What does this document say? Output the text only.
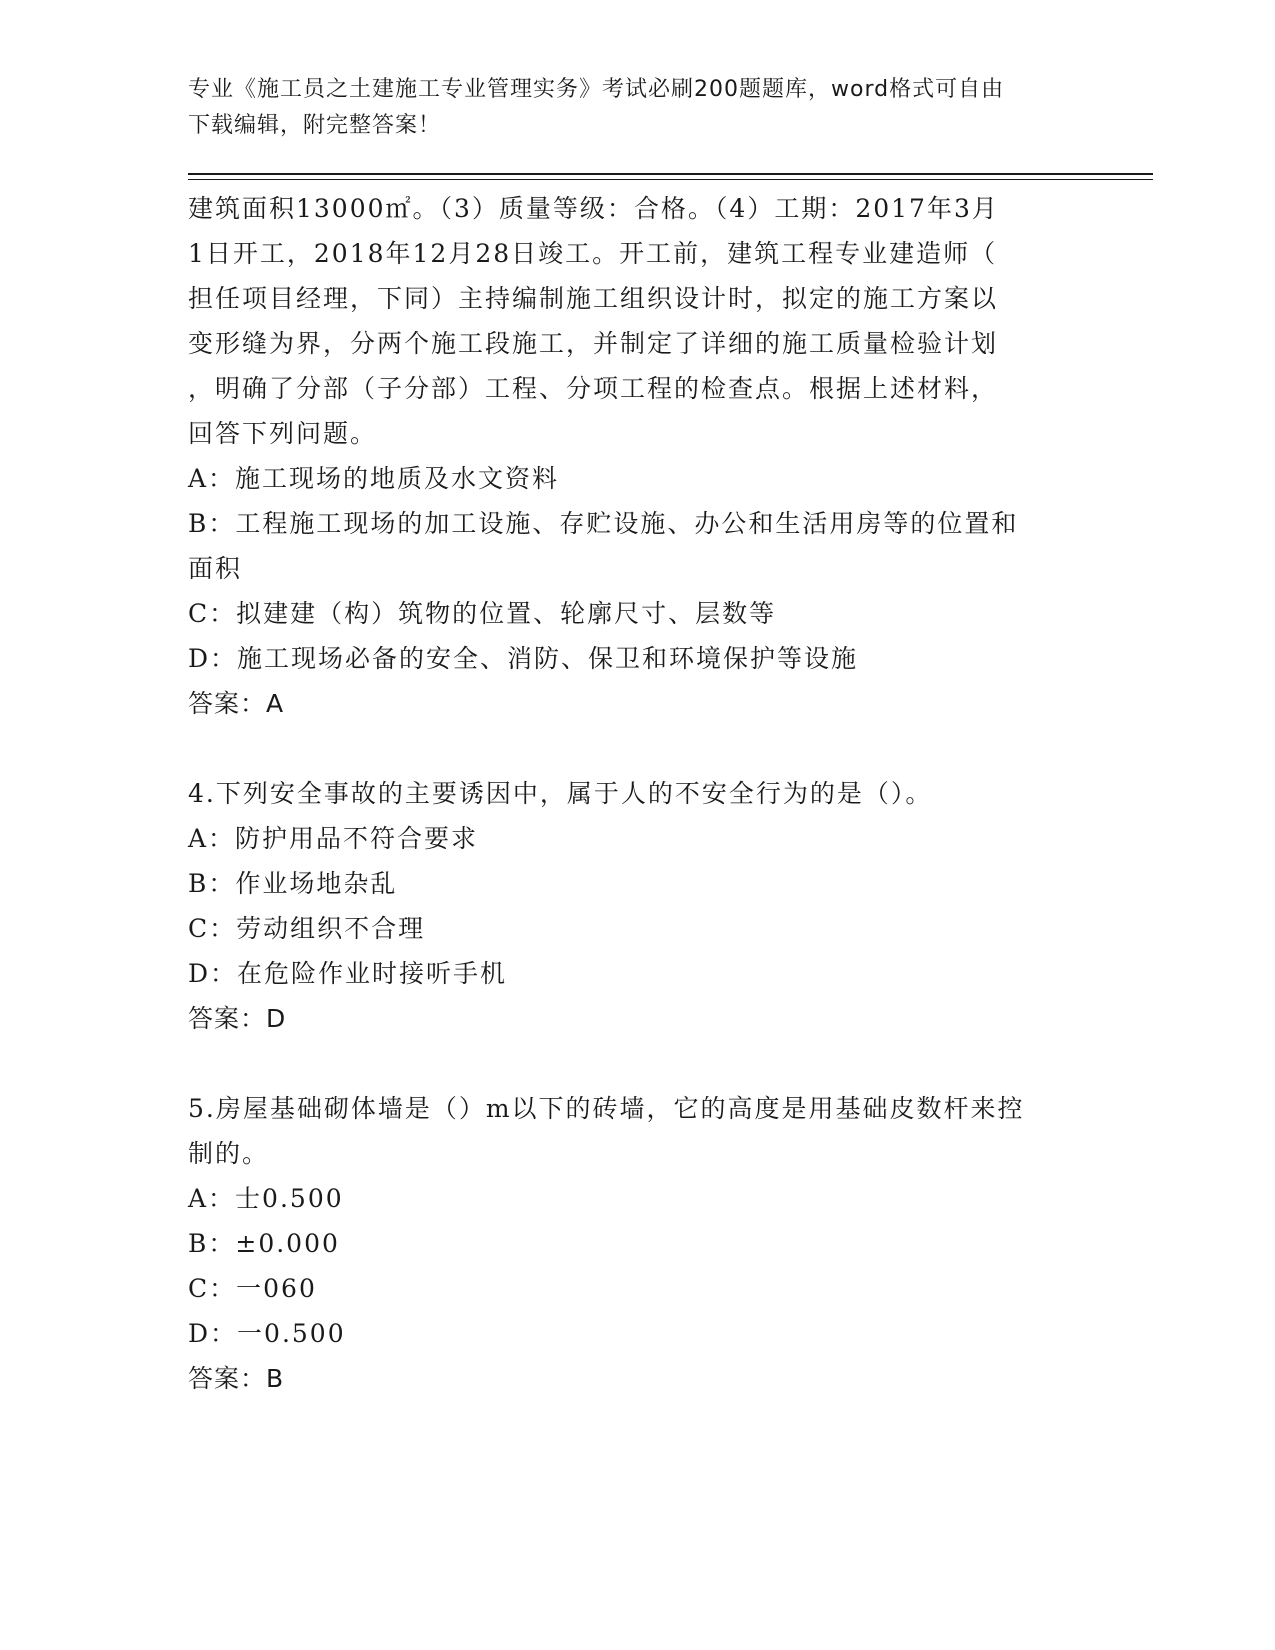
专业《施工员之土建施工专业管理实务》考试必刷200题题库，word格式可自由
下载编辑，附完整答案！
建筑面积13000㎡。（3）质量等级：合格。（4）工期：2017年3月
1日开工，2018年12月28日竣工。开工前，建筑工程专业建造师（
担任项目经理，下同）主持编制施工组织设计时，拟定的施工方案以
变形缝为界，分两个施工段施工，并制定了详细的施工质量检验计划
，明确了分部（子分部）工程、分项工程的检查点。根据上述材料，
回答下列问题。
A：施工现场的地质及水文资料
B：工程施工现场的加工设施、存贮设施、办公和生活用房等的位置和
面积
C：拟建建（构）筑物的位置、轮廓尺寸、层数等
D：施工现场必备的安全、消防、保卫和环境保护等设施
答案：A
4.下列安全事故的主要诱因中，属于人的不安全行为的是（）。
A：防护用品不符合要求
B：作业场地杂乱
C：劳动组织不合理
D：在危险作业时接听手机
答案：D
5.房屋基础砌体墙是（）m以下的砖墙，它的高度是用基础皮数杆来控
制的。
A：士0.500
B：±0.000
C：一060
D：一0.500
答案：B
